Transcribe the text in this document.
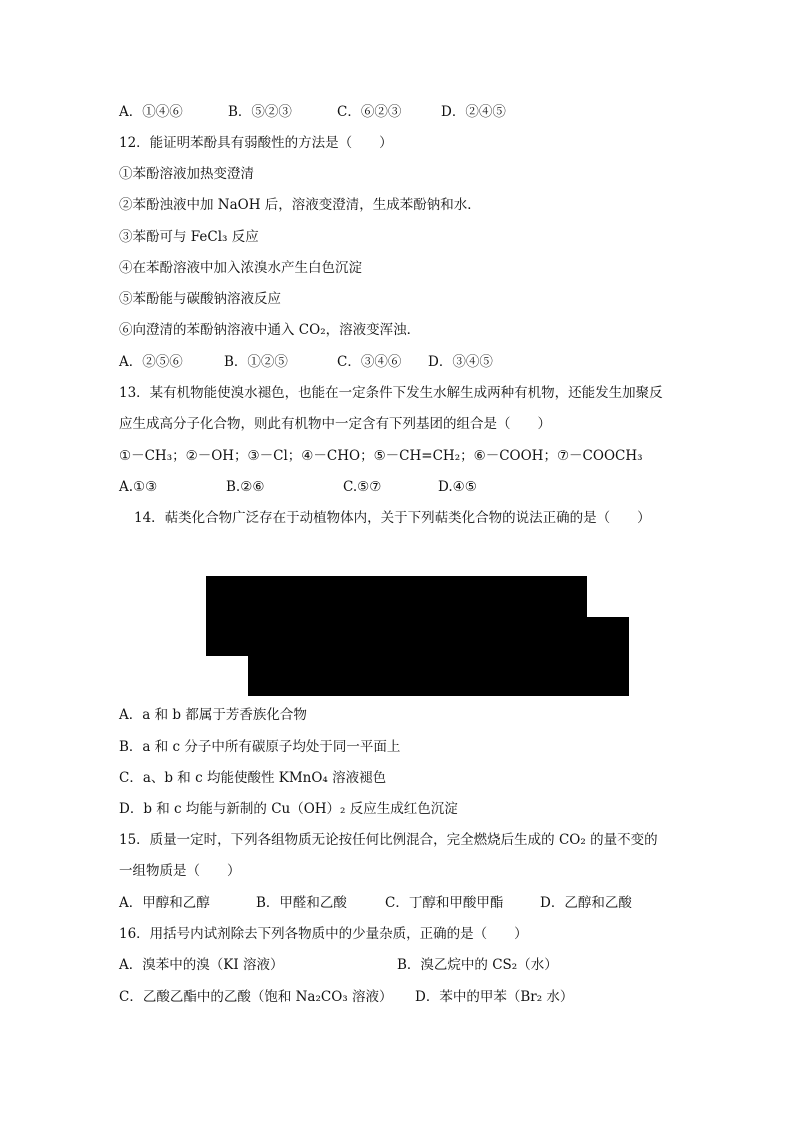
A．①④⑥	B．⑤②③	C．⑥②③	D．②④⑤
12．能证明苯酚具有弱酸性的方法是（　　）
①苯酚溶液加热变澄清
②苯酚浊液中加 NaOH 后，溶液变澄清，生成苯酚钠和水．
③苯酚可与 FeCl₃ 反应
④在苯酚溶液中加入浓溴水产生白色沉淀
⑤苯酚能与碳酸钠溶液反应
⑥向澄清的苯酚钠溶液中通入 CO₂，溶液变浑浊．
A．②⑤⑥	B．①②⑤	C．③④⑥ D．③④⑤
13．某有机物能使溴水褪色，也能在一定条件下发生水解生成两种有机物，还能发生加聚反
应生成高分子化合物，则此有机物中一定含有下列基团的组合是（　　）
①－CH₃；②－OH；③－Cl；④－CHO；⑤－CH=CH₂；⑥－COOH；⑦－COOCH₃
A.①③	B.②⑥	C.⑤⑦	D.④⑤
14．萜类化合物广泛存在于动植物体内，关于下列萜类化合物的说法正确的是（　　）
A．a 和 b 都属于芳香族化合物
B．a 和 c 分子中所有碳原子均处于同一平面上
C．a、b 和 c 均能使酸性 KMnO₄ 溶液褪色
D．b 和 c 均能与新制的 Cu（OH）₂ 反应生成红色沉淀
15．质量一定时，下列各组物质无论按任何比例混合，完全燃烧后生成的 CO₂ 的量不变的
一组物质是（　　）
A．甲醇和乙醇	B．甲醛和乙酸	C．丁醇和甲酸甲酯	D．乙醇和乙酸
16．用括号内试剂除去下列各物质中的少量杂质，正确的是（　　）
A．溴苯中的溴（KI 溶液）	B．溴乙烷中的 CS₂（水）
C．乙酸乙酯中的乙酸（饱和 Na₂CO₃ 溶液） D．苯中的甲苯（Br₂ 水）
